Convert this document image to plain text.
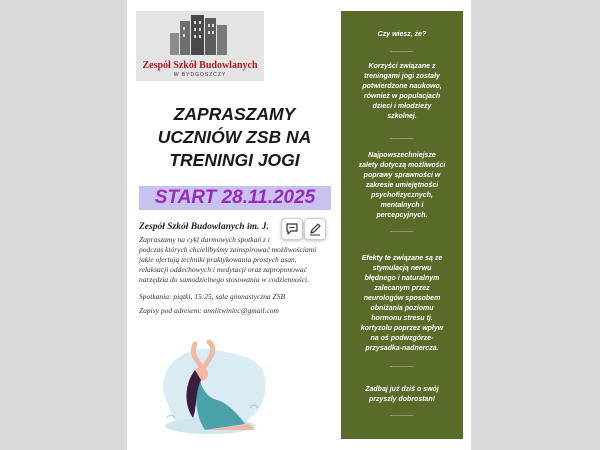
Zespół Szkół Budowlanych
W BYDGOSZCZY
ZAPRASZAMY
UCZNIÓW ZSB NA
TRENINGI JOGI
START 28.11.2025
Zespół Szkół Budowlanych im. J.

Zapraszamy na cykl darmowych spotkań z i

podczas których chcielibyśmy zainspirować możliwościami

jakie ofertują techniki praktykowania prostych asan,

relaksacji oddechowych i medytacji oraz zaproponować

narzędzia do samodzielnego stosowania w codzienności.

Spotkania: piątki, 15:25, sala gimnastyczna ZSB
Zapisy pod adresem: annlitwiniec@gmail.com
Czy wiesz, że?
______
Korzyści związane z
treningami jogi zostały
potwierdzone naukowo,
również w populacjach
dzieci i młodzieży
szkolnej.
______
Najpowszechniejsze
zalety dotyczą możliwości
poprawy sprawności w
zakresie umiejętności
psychofizycznych,
mentalnych i
percepcyjnych.
______
Efekty te związane są ze
stymulacją nerwu
błędnego i naturalnym
zalecanym przez
neurologów sposobem
obniżania poziomu
hormonu stresu tj.
kortyzolu poprzez wpływ
na oś podwzgórze-
przysadka-nadnercza.
______
Zadbaj już dziś o swój
przyszły dobrostan!
______
